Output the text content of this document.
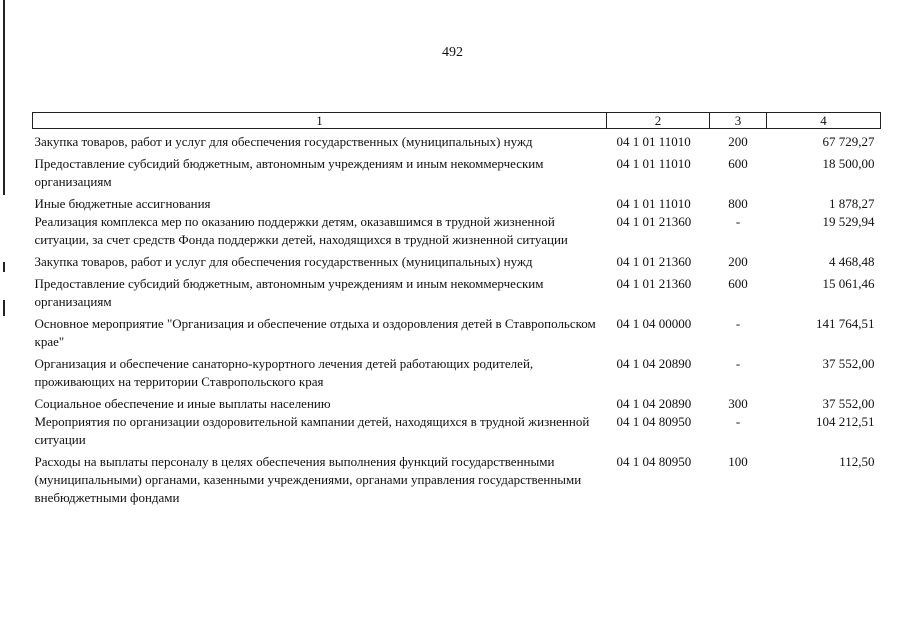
492
1	2	3	4
Закупка товаров, работ и услуг для обеспечения государственных (муниципальных) нужд	04 1 01 11010	200	67 729,27
Предоставление субсидий бюджетным, автономным учреждениям и иным некоммерческим организациям	04 1 01 11010	600	18 500,00
Иные бюджетные ассигнования	04 1 01 11010	800	1 878,27
Реализация комплекса мер по оказанию поддержки детям, оказавшимся в трудной жизненной ситуации, за счет средств Фонда поддержки детей, находящихся в трудной жизненной ситуации	04 1 01 21360	-	19 529,94
Закупка товаров, работ и услуг для обеспечения государственных (муниципальных) нужд	04 1 01 21360	200	4 468,48
Предоставление субсидий бюджетным, автономным учреждениям и иным некоммерческим организациям	04 1 01 21360	600	15 061,46
Основное мероприятие "Организация и обеспечение отдыха и оздоровления детей в Ставропольском крае"	04 1 04 00000	-	141 764,51
Организация и обеспечение санаторно-курортного лечения детей работающих родителей, проживающих на территории Ставропольского края	04 1 04 20890	-	37 552,00
Социальное обеспечение и иные выплаты населению	04 1 04 20890	300	37 552,00
Мероприятия по организации оздоровительной кампании детей, находящихся в трудной жизненной ситуации	04 1 04 80950	-	104 212,51
Расходы на выплаты персоналу в целях обеспечения выполнения функций государственными (муниципальными) органами, казенными учреждениями, органами управления государственными внебюджетными фондами	04 1 04 80950	100	112,50
